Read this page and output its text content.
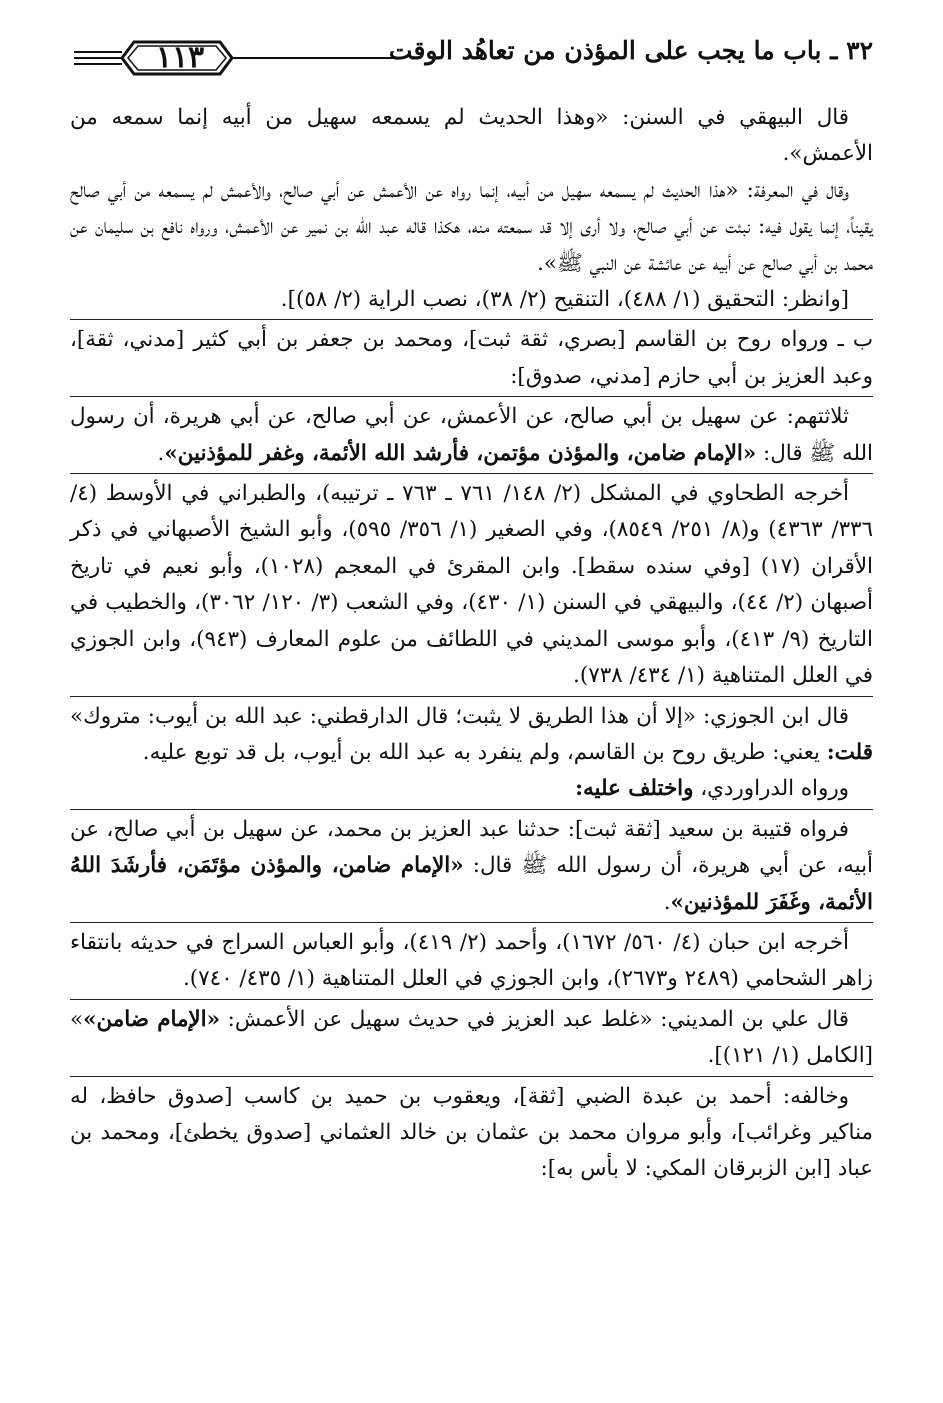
٣٢ ـ باب ما يجب على المؤذن من تعاهُد الوقت
١١٣

قال البيهقي في السنن: «وهذا الحديث لم يسمعه سهيل من أبيه إنما سمعه من الأعمش».

وقال في المعرفة: «هذا الحديث لم يسمعه سهيل من أبيه، إنما رواه عن الأعمش عن أبي صالح، والأعمش لم يسمعه من أبي صالح يقيناً، إنما يقول فيه: نبئت عن أبي صالح، ولا أرى إلا قد سمعته منه، هكذا قاله عبد الله بن نمير عن الأعمش، ورواه نافع بن سليمان عن محمد بن أبي صالح عن أبيه عن عائشة عن النبي ﷺ».

[وانظر: التحقيق (١/ ٤٨٨)، التنقيح (٢/ ٣٨)، نصب الراية (٢/ ٥٨)].

ب ـ ورواه روح بن القاسم [بصري، ثقة ثبت]، ومحمد بن جعفر بن أبي كثير [مدني، ثقة]، وعبد العزيز بن أبي حازم [مدني، صدوق]:

ثلاثتهم: عن سهيل بن أبي صالح، عن الأعمش، عن أبي صالح، عن أبي هريرة، أن رسول الله ﷺ قال: «الإمام ضامن، والمؤذن مؤتمن، فأرشد الله الأئمة، وغفر للمؤذنين».

أخرجه الطحاوي في المشكل (٢/ ١٤٨/ ٧٦١ ـ ٧٦٣ ـ ترتيبه)، والطبراني في الأوسط (٤/ ٣٣٦/ ٤٣٦٣) و(٨/ ٢٥١/ ٨٥٤٩)، وفي الصغير (١/ ٣٥٦/ ٥٩٥)، وأبو الشيخ الأصبهاني في ذكر الأقران (١٧) [وفي سنده سقط]. وابن المقرئ في المعجم (١٠٢٨)، وأبو نعيم في تاريخ أصبهان (٢/ ٤٤)، والبيهقي في السنن (١/ ٤٣٠)، وفي الشعب (٣/ ١٢٠/ ٣٠٦٢)، والخطيب في التاريخ (٩/ ٤١٣)، وأبو موسى المديني في اللطائف من علوم المعارف (٩٤٣)، وابن الجوزي في العلل المتناهية (١/ ٤٣٤/ ٧٣٨).

قال ابن الجوزي: «إلا أن هذا الطريق لا يثبت؛ قال الدارقطني: عبد الله بن أيوب: متروك» قلت: يعني: طريق روح بن القاسم، ولم ينفرد به عبد الله بن أيوب، بل قد توبع عليه.

ورواه الدراوردي، واختلف عليه:

فرواه قتيبة بن سعيد [ثقة ثبت]: حدثنا عبد العزيز بن محمد، عن سهيل بن أبي صالح، عن أبيه، عن أبي هريرة، أن رسول الله ﷺ قال: «الإمام ضامن، والمؤذن مؤتَمَن، فأرشَدَ اللهُ الأئمة، وغَفَرَ للمؤذنين».

أخرجه ابن حبان (٤/ ٥٦٠/ ١٦٧٢)، وأحمد (٢/ ٤١٩)، وأبو العباس السراج في حديثه بانتقاء زاهر الشحامي (٢٤٨٩ و٢٦٧٣)، وابن الجوزي في العلل المتناهية (١/ ٤٣٥/ ٧٤٠).

قال علي بن المديني: «غلط عبد العزيز في حديث سهيل عن الأعمش: «الإمام ضامن»» [الكامل (١/ ١٢١)].

وخالفه: أحمد بن عبدة الضبي [ثقة]، ويعقوب بن حميد بن كاسب [صدوق حافظ، له مناكير وغرائب]، وأبو مروان محمد بن عثمان بن خالد العثماني [صدوق يخطئ]، ومحمد بن عباد [ابن الزبرقان المكي: لا بأس به]:
